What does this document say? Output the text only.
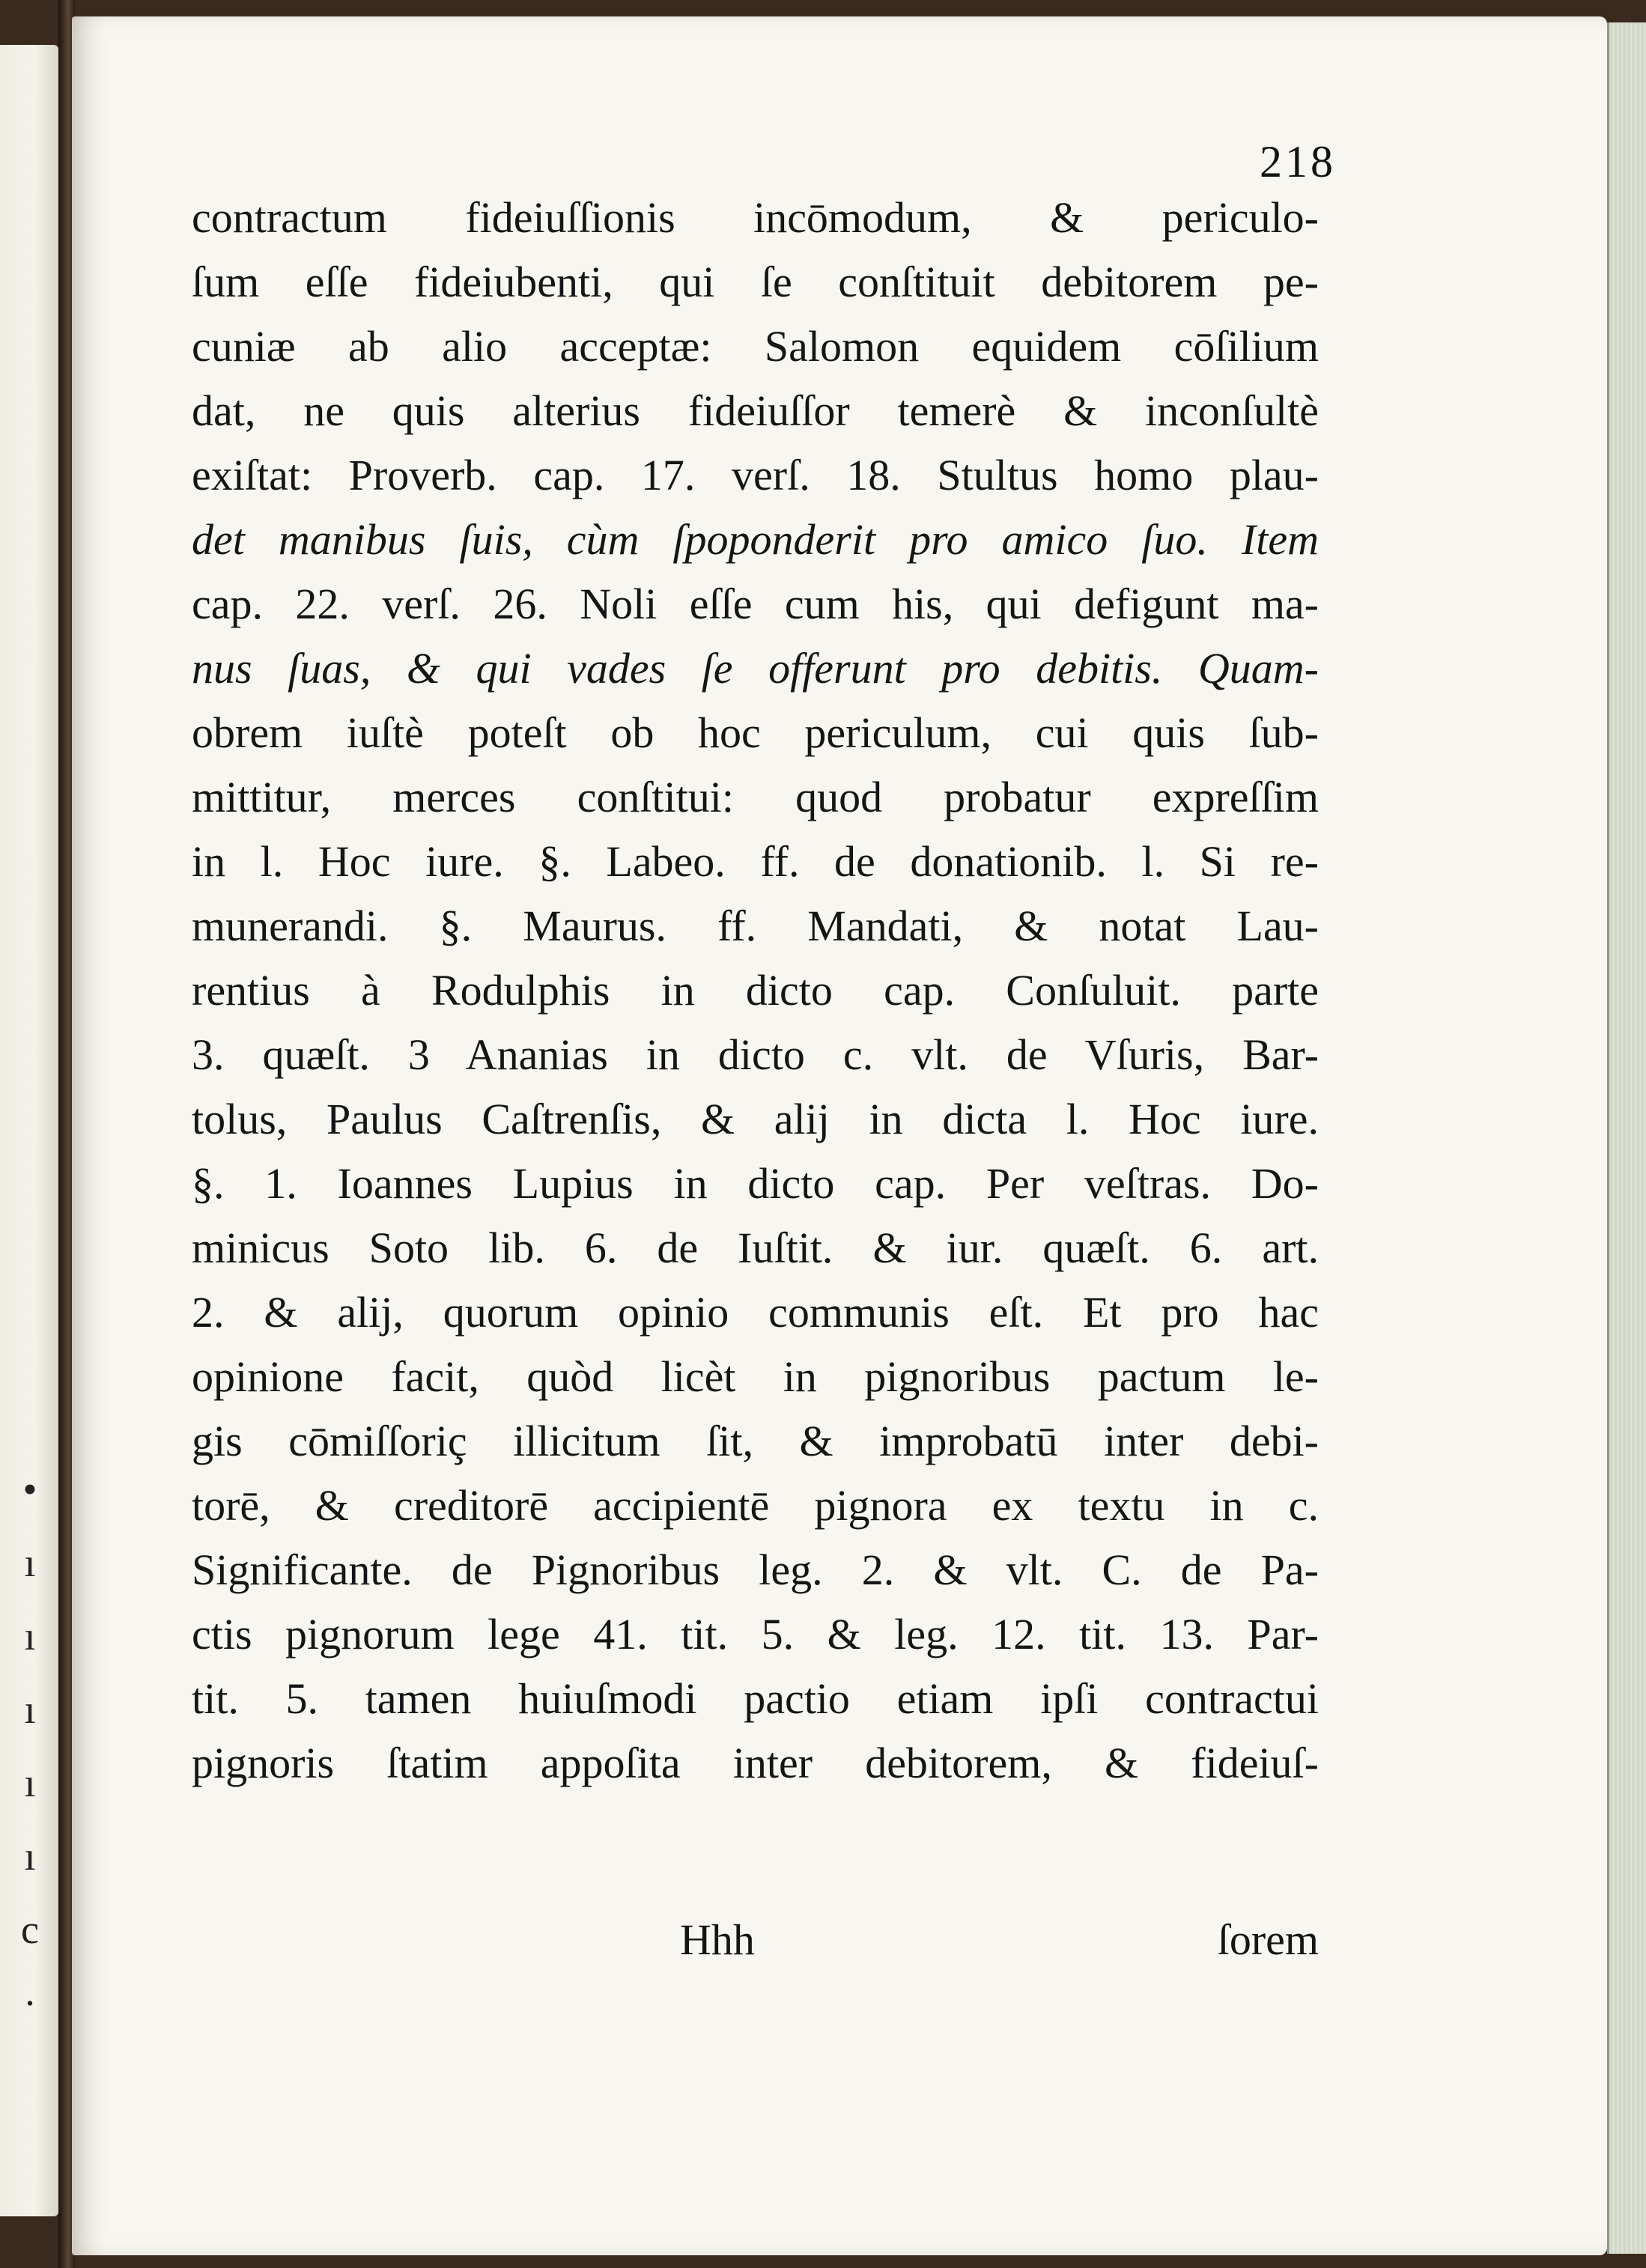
•
ı
ı
ı
ı
ı
c
·
218
contractum fideiuſſionis incōmodum, & periculo-
ſum eſſe fideiubenti, qui ſe conſtituit debitorem pe-
cuniæ ab alio acceptæ: Salomon equidem cōſilium
dat, ne quis alterius fideiuſſor temerè & inconſultè
exiſtat: Proverb. cap. 17. verſ. 18. Stultus homo plau-
det manibus ſuis, cùm ſpoponderit pro amico ſuo. Item
cap. 22. verſ. 26. Noli eſſe cum his, qui defigunt ma-
nus ſuas, & qui vades ſe offerunt pro debitis. Quam-
obrem iuſtè poteſt ob hoc periculum, cui quis ſub-
mittitur, merces conſtitui: quod probatur expreſſim
in l. Hoc iure. §. Labeo. ff. de donationib. l. Si re-
munerandi. §. Maurus. ff. Mandati, & notat Lau-
rentius à Rodulphis in dicto cap. Conſuluit. parte
3. quæſt. 3 Ananias in dicto c. vlt. de Vſuris, Bar-
tolus, Paulus Caſtrenſis, & alij in dicta l. Hoc iure.
§. 1. Ioannes Lupius in dicto cap. Per veſtras. Do-
minicus Soto lib. 6. de Iuſtit. & iur. quæſt. 6. art.
2. & alij, quorum opinio communis eſt. Et pro hac
opinione facit, quòd licèt in pignoribus pactum le-
gis cōmiſſoriç illicitum ſit, & improbatū inter debi-
torē, & creditorē accipientē pignora ex textu in c.
Significante. de Pignoribus leg. 2. & vlt. C. de Pa-
ctis pignorum lege 41. tit. 5. & leg. 12. tit. 13. Par-
tit. 5. tamen huiuſmodi pactio etiam ipſi contractui
pignoris ſtatim appoſita inter debitorem, & fideiuſ-
Hhh	ſorem
